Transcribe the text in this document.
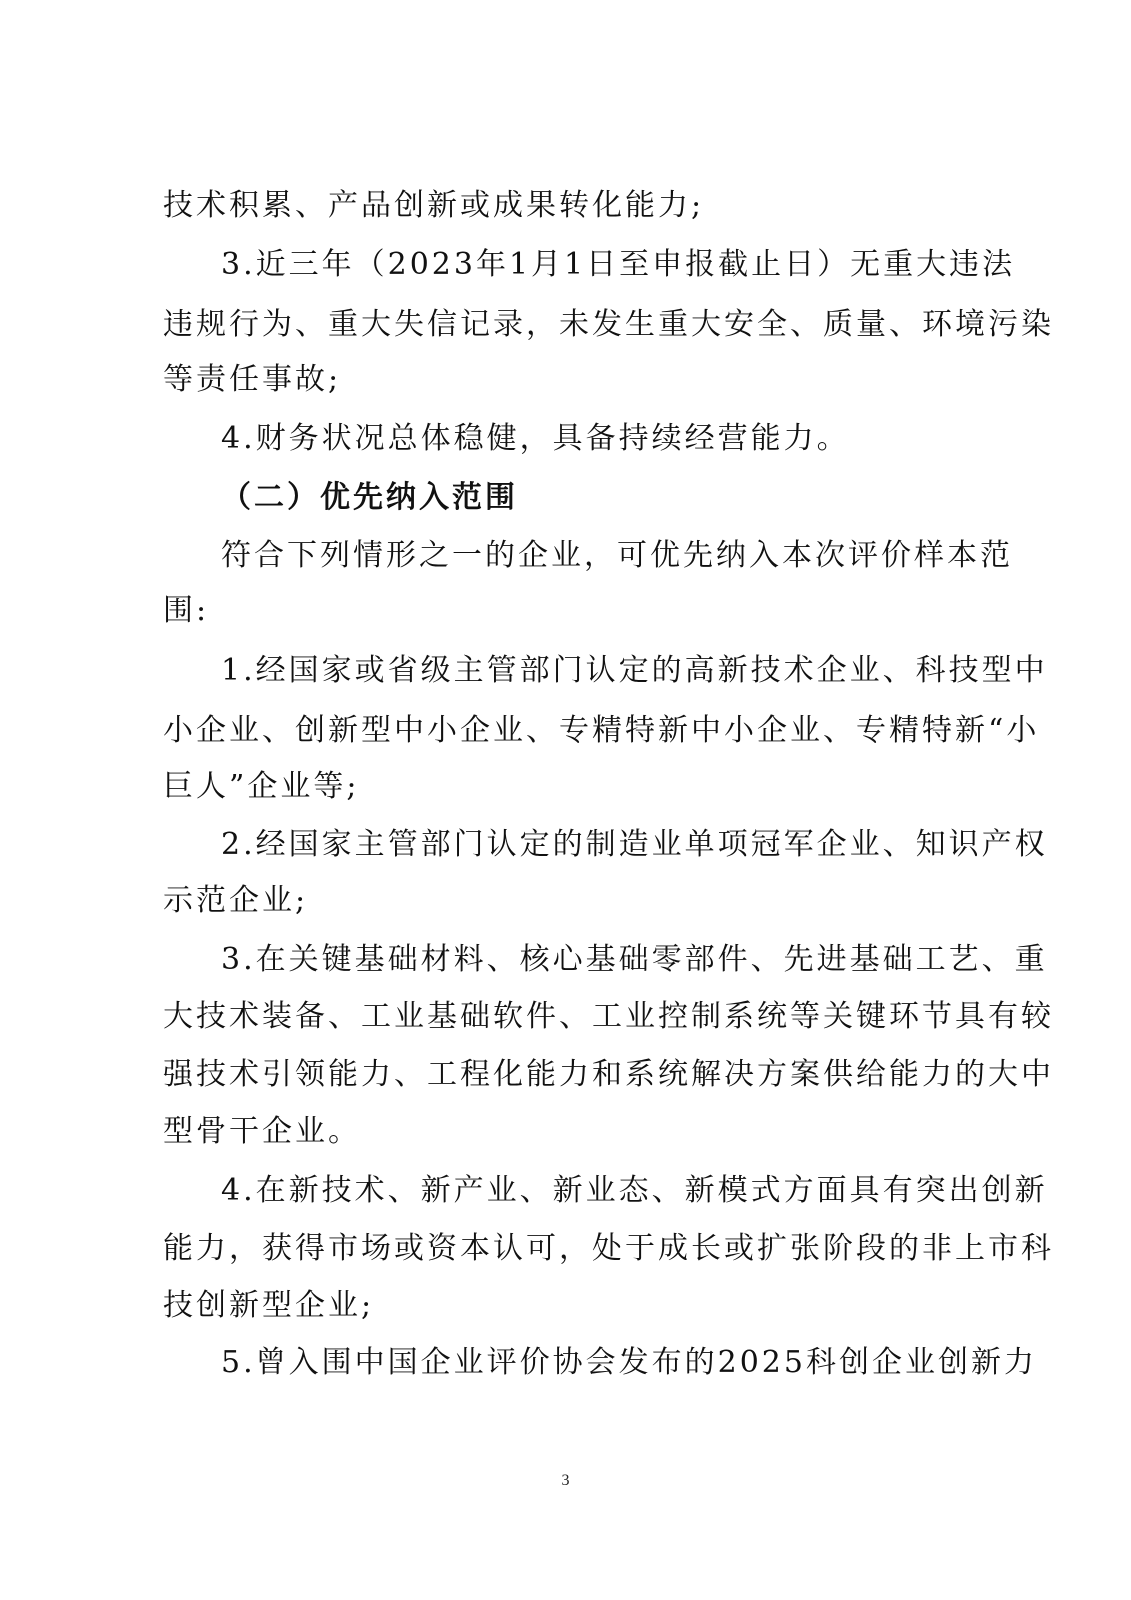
技术积累、产品创新或成果转化能力;
3.近三年（2023年1月1日至申报截止日）无重大违法
违规行为、重大失信记录，未发生重大安全、质量、环境污染
等责任事故;
4.财务状况总体稳健，具备持续经营能力。
（二）优先纳入范围
符合下列情形之一的企业，可优先纳入本次评价样本范
围:
1.经国家或省级主管部门认定的高新技术企业、科技型中
小企业、创新型中小企业、专精特新中小企业、专精特新“小
巨人”企业等;
2.经国家主管部门认定的制造业单项冠军企业、知识产权
示范企业;
3.在关键基础材料、核心基础零部件、先进基础工艺、重
大技术装备、工业基础软件、工业控制系统等关键环节具有较
强技术引领能力、工程化能力和系统解决方案供给能力的大中
型骨干企业。
4.在新技术、新产业、新业态、新模式方面具有突出创新
能力，获得市场或资本认可，处于成长或扩张阶段的非上市科
技创新型企业;
5.曾入围中国企业评价协会发布的2025科创企业创新力
3
